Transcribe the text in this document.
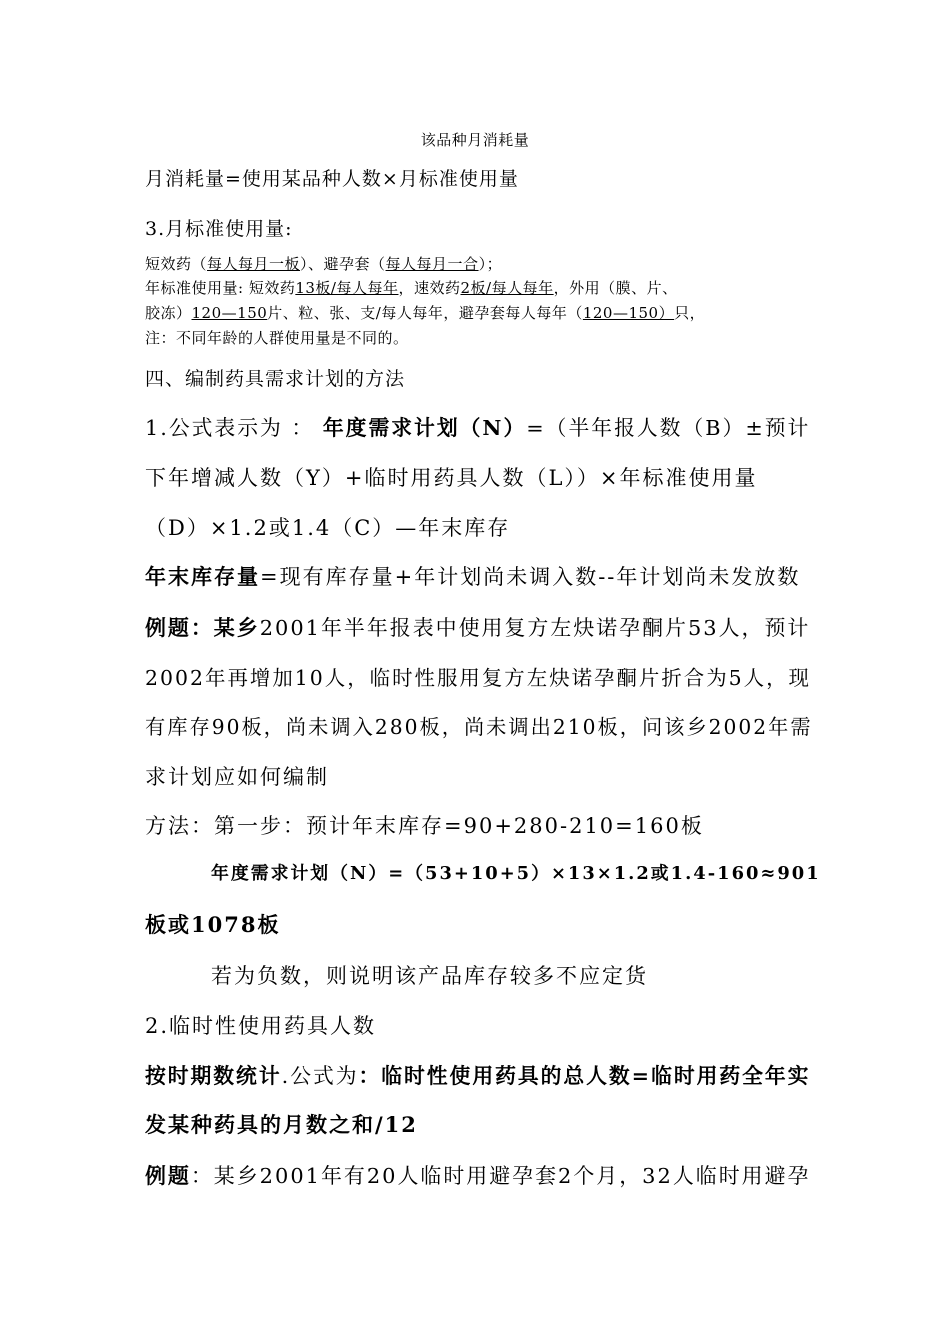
该品种月消耗量
月消耗量=使用某品种人数×月标准使用量
3.月标准使用量:
短效药（每人每月一板）、避孕套（每人每月一合）；
年标准使用量: 短效药13板/每人每年，速效药2板/每人每年，外用（膜、片、
胶冻）120—150片、粒、张、支/每人每年，避孕套每人每年（120—150）只，
注：不同年龄的人群使用量是不同的。
四、编制药具需求计划的方法
1.公式表示为 ： 年度需求计划（N）=（半年报人数（B）±预计
下年增减人数（Y）+临时用药具人数（L））×年标准使用量
（D）×1.2或1.4（C）—年末库存
年末库存量=现有库存量+年计划尚未调入数--年计划尚未发放数
例题：某乡2001年半年报表中使用复方左炔诺孕酮片53人，预计
2002年再增加10人，临时性服用复方左炔诺孕酮片折合为5人，现
有库存90板，尚未调入280板，尚未调出210板，问该乡2002年需
求计划应如何编制
方法：第一步：预计年末库存=90+280-210=160板
年度需求计划（N）=（53+10+5）×13×1.2或1.4-160≈901
板或1078板
若为负数，则说明该产品库存较多不应定货
2.临时性使用药具人数
按时期数统计.公式为：临时性使用药具的总人数=临时用药全年实
发某种药具的月数之和/12
例题：某乡2001年有20人临时用避孕套2个月，32人临时用避孕
